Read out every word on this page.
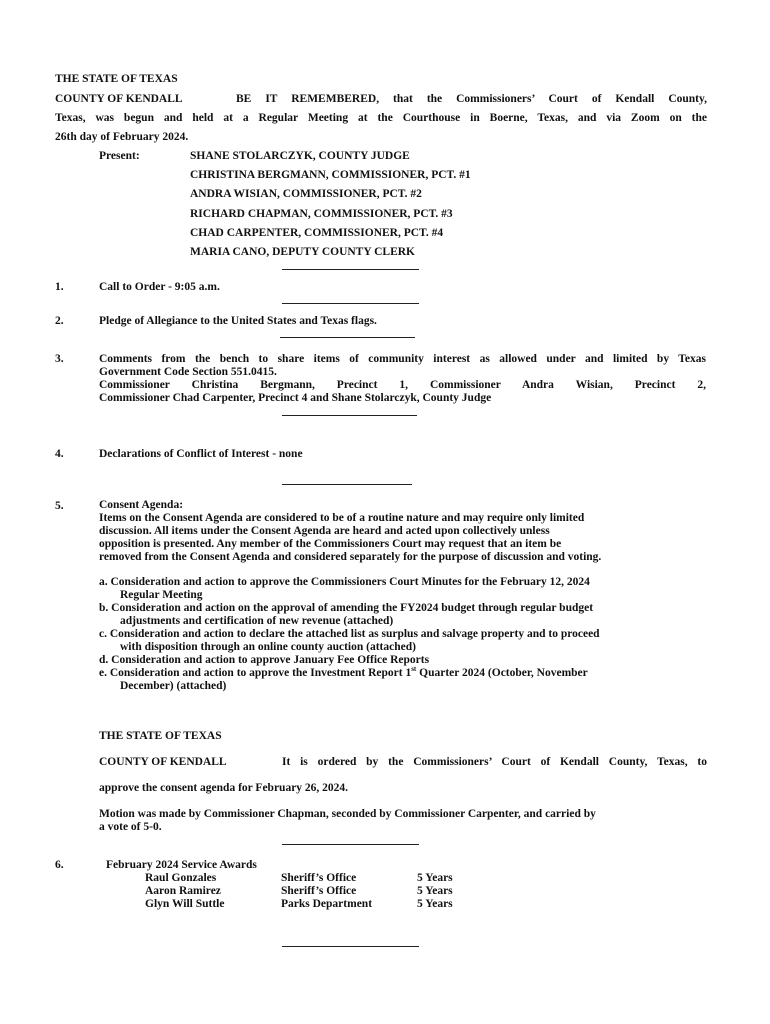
THE STATE OF TEXAS
COUNTY OF KENDALL	BE IT REMEMBERED, that the Commissioners’ Court of Kendall County,
Texas, was begun and held at a Regular Meeting at the Courthouse in Boerne, Texas, and via Zoom on the
26th day of February 2024.
Present:	SHANE STOLARCZYK, COUNTY JUDGE
CHRISTINA BERGMANN, COMMISSIONER, PCT. #1
ANDRA WISIAN, COMMISSIONER, PCT. #2
RICHARD CHAPMAN, COMMISSIONER, PCT. #3
CHAD CARPENTER, COMMISSIONER, PCT. #4
MARIA CANO, DEPUTY COUNTY CLERK
1.	Call to Order - 9:05 a.m.
2.	Pledge of Allegiance to the United States and Texas flags.
3.	Comments from the bench to share items of community interest as allowed under and limited by Texas
Government Code Section 551.0415.
Commissioner Christina Bergmann, Precinct 1, Commissioner Andra Wisian, Precinct 2,
Commissioner Chad Carpenter, Precinct 4 and Shane Stolarczyk, County Judge
4.	Declarations of Conflict of Interest - none
5.	Consent Agenda:
Items on the Consent Agenda are considered to be of a routine nature and may require only limited
discussion. All items under the Consent Agenda are heard and acted upon collectively unless
opposition is presented. Any member of the Commissioners Court may request that an item be
removed from the Consent Agenda and considered separately for the purpose of discussion and voting.
a. Consideration and action to approve the Commissioners Court Minutes for the February 12, 2024
Regular Meeting
b. Consideration and action on the approval of amending the FY2024 budget through regular budget
adjustments and certification of new revenue (attached)
c. Consideration and action to declare the attached list as surplus and salvage property and to proceed
with disposition through an online county auction (attached)
d. Consideration and action to approve January Fee Office Reports
e. Consideration and action to approve the Investment Report 1st Quarter 2024 (October, November
December) (attached)
THE STATE OF TEXAS
COUNTY OF KENDALL	It is ordered by the Commissioners’ Court of Kendall County, Texas, to
approve the consent agenda for February 26, 2024.
Motion was made by Commissioner Chapman, seconded by Commissioner Carpenter, and carried by
a vote of 5-0.
6.	February 2024 Service Awards
Raul Gonzales	Sheriff’s Office	5 Years
Aaron Ramirez	Sheriff’s Office	5 Years
Glyn Will Suttle	Parks Department	5 Years
